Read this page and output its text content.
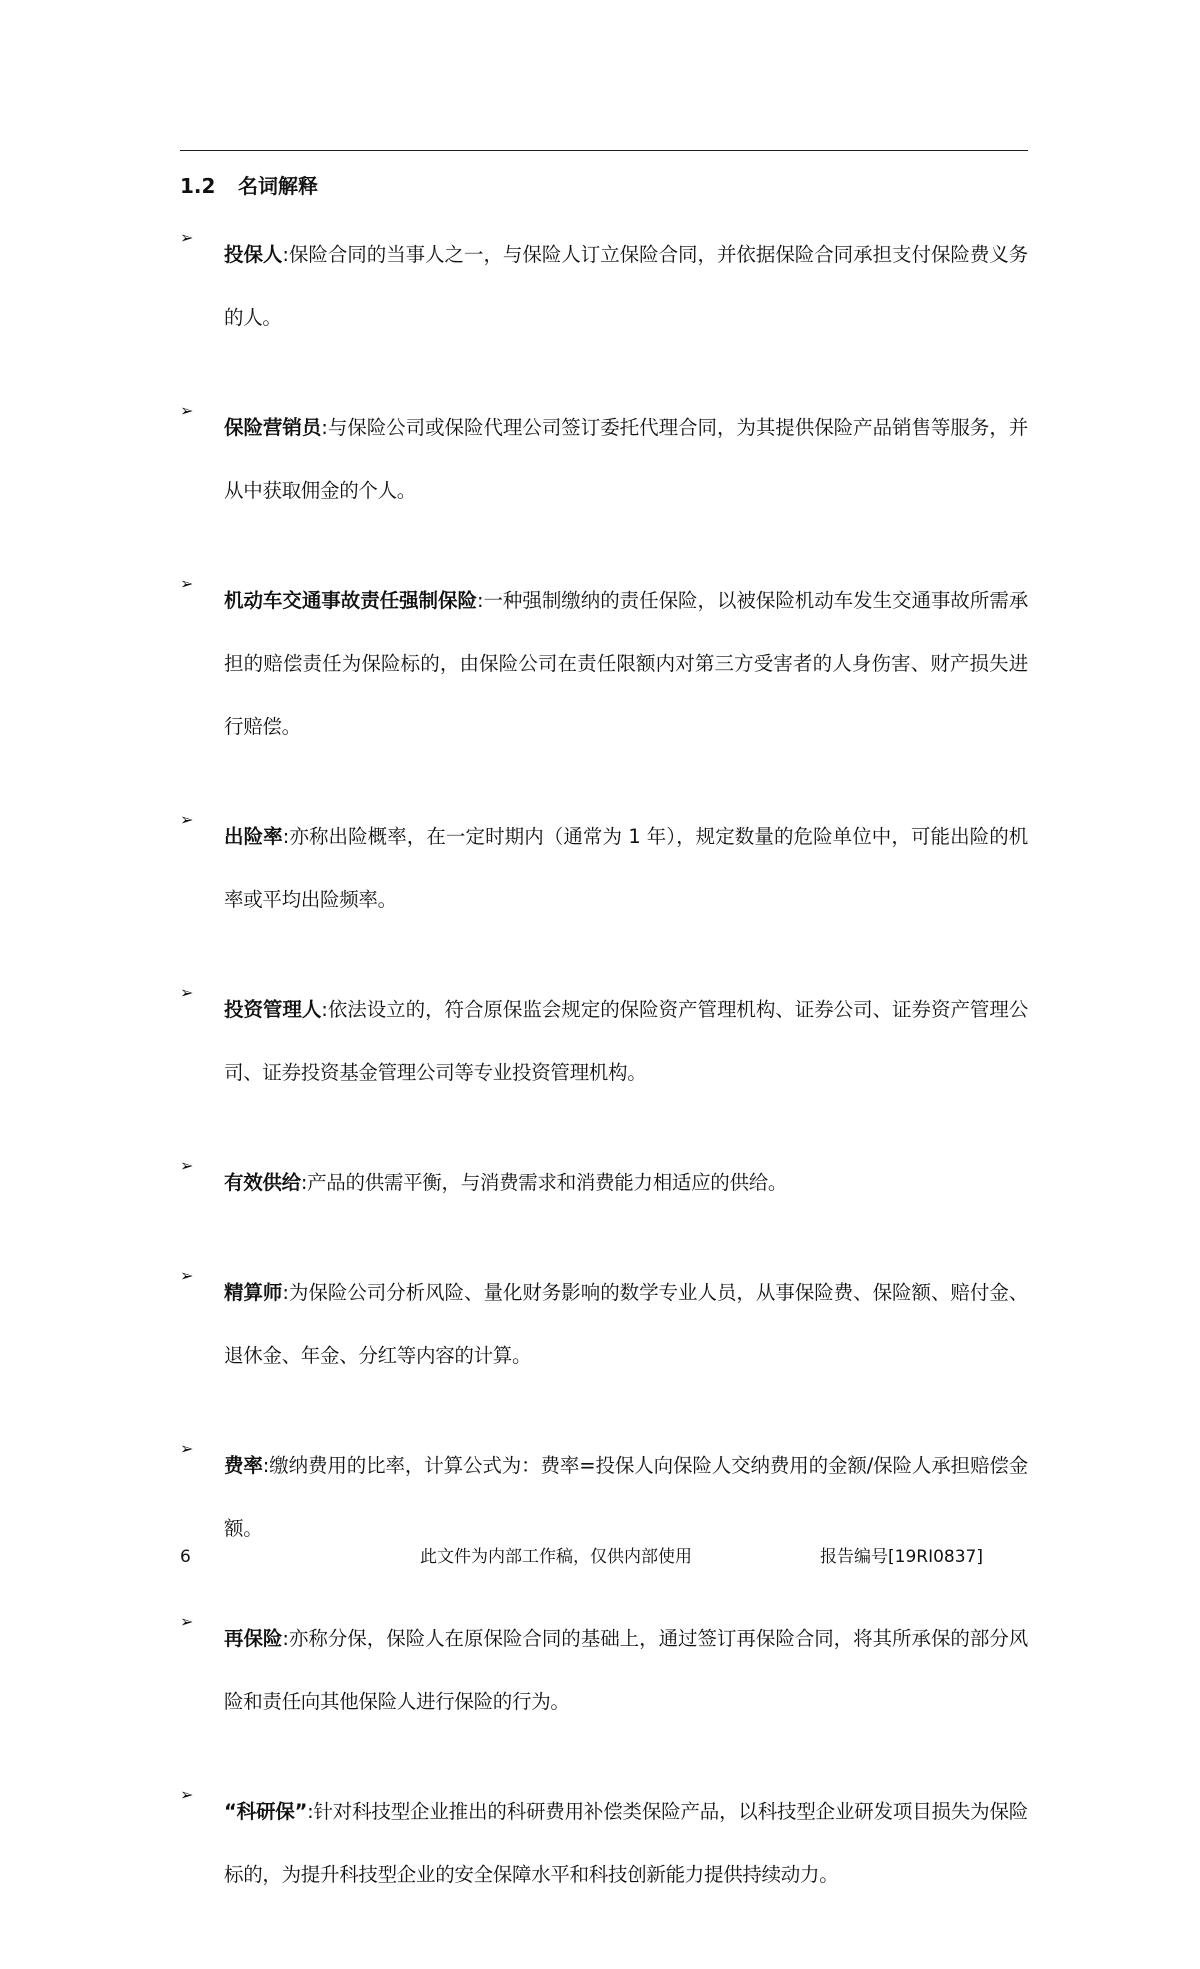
1.2 名词解释
➢
投保人:保险合同的当事人之一，与保险人订立保险合同，并依据保险合同承担支付保险费义务的人。
➢
保险营销员:与保险公司或保险代理公司签订委托代理合同，为其提供保险产品销售等服务，并从中获取佣金的个人。
➢
机动车交通事故责任强制保险:一种强制缴纳的责任保险，以被保险机动车发生交通事故所需承担的赔偿责任为保险标的，由保险公司在责任限额内对第三方受害者的人身伤害、财产损失进行赔偿。
➢
出险率:亦称出险概率，在一定时期内（通常为 1 年），规定数量的危险单位中，可能出险的机率或平均出险频率。
➢
投资管理人:依法设立的，符合原保监会规定的保险资产管理机构、证券公司、证券资产管理公司、证券投资基金管理公司等专业投资管理机构。
➢
有效供给:产品的供需平衡，与消费需求和消费能力相适应的供给。
➢
精算师:为保险公司分析风险、量化财务影响的数学专业人员，从事保险费、保险额、赔付金、退休金、年金、分红等内容的计算。
➢
费率:缴纳费用的比率，计算公式为：费率=投保人向保险人交纳费用的金额/保险人承担赔偿金额。
➢
再保险:亦称分保，保险人在原保险合同的基础上，通过签订再保险合同，将其所承保的部分风险和责任向其他保险人进行保险的行为。
➢
“科研保”:针对科技型企业推出的科研费用补偿类保险产品，以科技型企业研发项目损失为保险标的，为提升科技型企业的安全保障水平和科技创新能力提供持续动力。
6	此文件为内部工作稿，仅供内部使用	报告编号[19RI0837]
